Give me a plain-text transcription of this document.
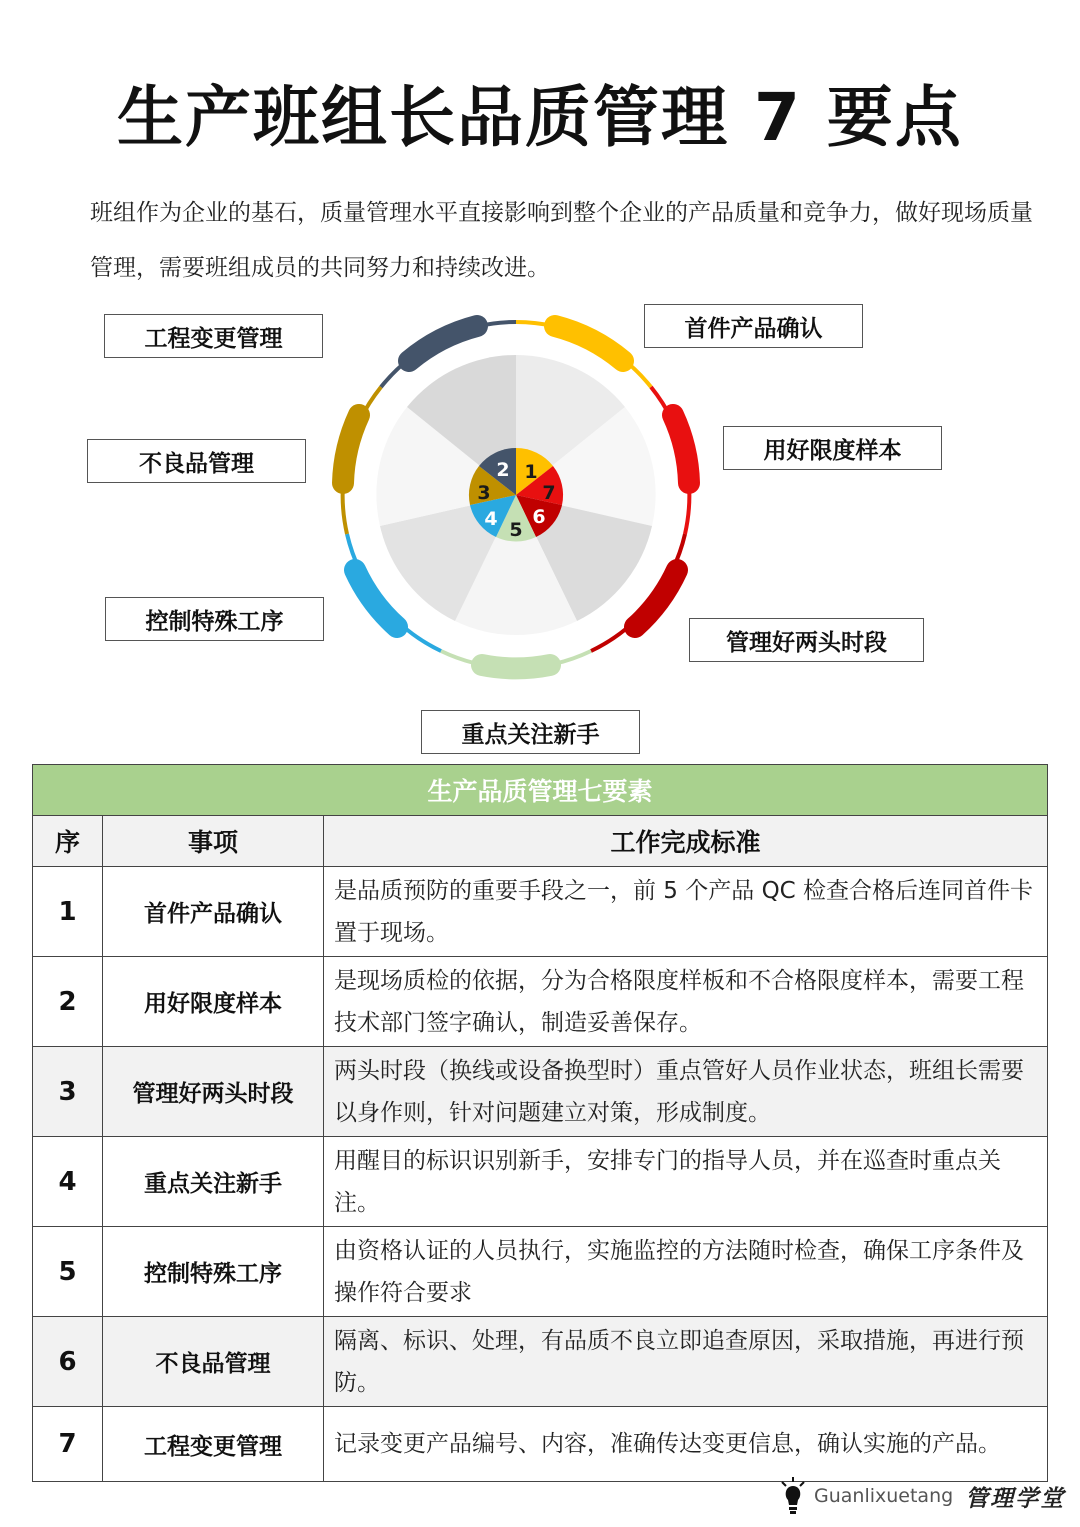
生产班组长品质管理 7 要点
班组作为企业的基石，质量管理水平直接影响到整个企业的产品质量和竞争力，做好现场质量管理，需要班组成员的共同努力和持续改进。
1
2
3
4 5
6
7
工程变更管理	首件产品确认
不良品管理	用好限度样本
控制特殊工序
管理好两头时段
重点关注新手
生产品质管理七要素		
序	事项	工作完成标准
1	首件产品确认	是品质预防的重要手段之一，前 5 个产品 QC 检查合格后连同首件卡置于现场。
2	用好限度样本	是现场质检的依据，分为合格限度样板和不合格限度样本，需要工程技术部门签字确认，制造妥善保存。
3	管理好两头时段	两头时段（换线或设备换型时）重点管好人员作业状态，班组长需要以身作则，针对问题建立对策，形成制度。
4	重点关注新手	用醒目的标识识别新手，安排专门的指导人员，并在巡查时重点关注。
5	控制特殊工序	由资格认证的人员执行，实施监控的方法随时检查，确保工序条件及操作符合要求
6	不良品管理	隔离、标识、处理，有品质不良立即追查原因，采取措施，再进行预防。
7	工程变更管理	记录变更产品编号、内容，准确传达变更信息，确认实施的产品。
Guanlixuetang 管理学堂
